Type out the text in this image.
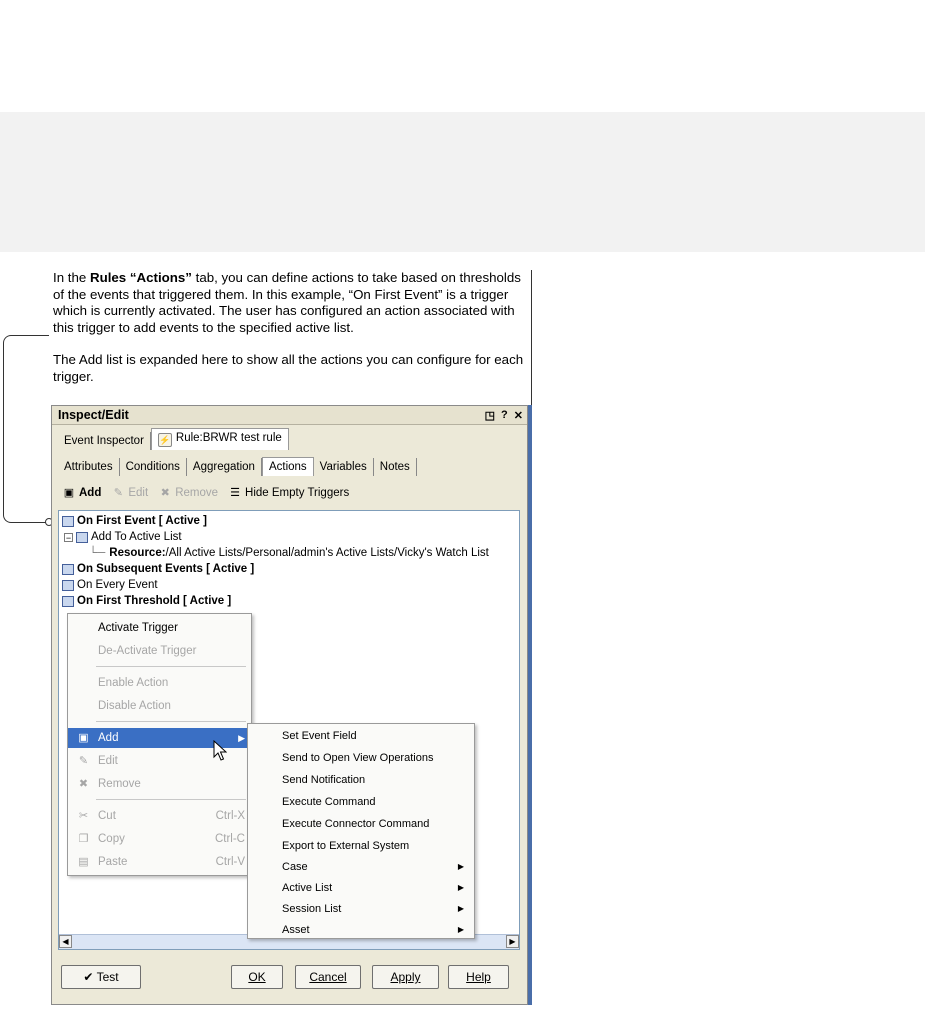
In the Rules “Actions” tab, you can define actions to take based on thresholds of the events that triggered them. In this example, “On First Event” is a trigger which is currently activated. The user has configured an action associated with this trigger to add events to the specified active list.

The Add list is expanded here to show all the actions you can configure for each trigger.

Inspect/Edit	◳ ? ✕
Event Inspector	⚡ Rule:BRWR test rule
Attributes	Conditions	Aggregation	Actions	Variables	Notes
▣ Add ✎ Edit ✖ Remove ☰ Hide Empty Triggers
On First Event [ Active ]
− Add To Active List
└─ Resource: /All Active Lists/Personal/admin's Active Lists/Vicky's Watch List
On Subsequent Events [ Active ]
On Every Event
On First Threshold [ Active ]
◀	▶
✔ Test	OK	Cancel	Apply	Help
Activate Trigger
De-Activate Trigger
Enable Action
Disable Action
▣ Add	▶
✎ Edit
✖ Remove
✂ Cut	Ctrl-X
❐ Copy	Ctrl-C
▤ Paste	Ctrl-V
Set Event Field
Send to Open View Operations
Send Notification
Execute Command
Execute Connector Command
Export to External System
Case	▶
Active List	▶
Session List	▶
Asset	▶
